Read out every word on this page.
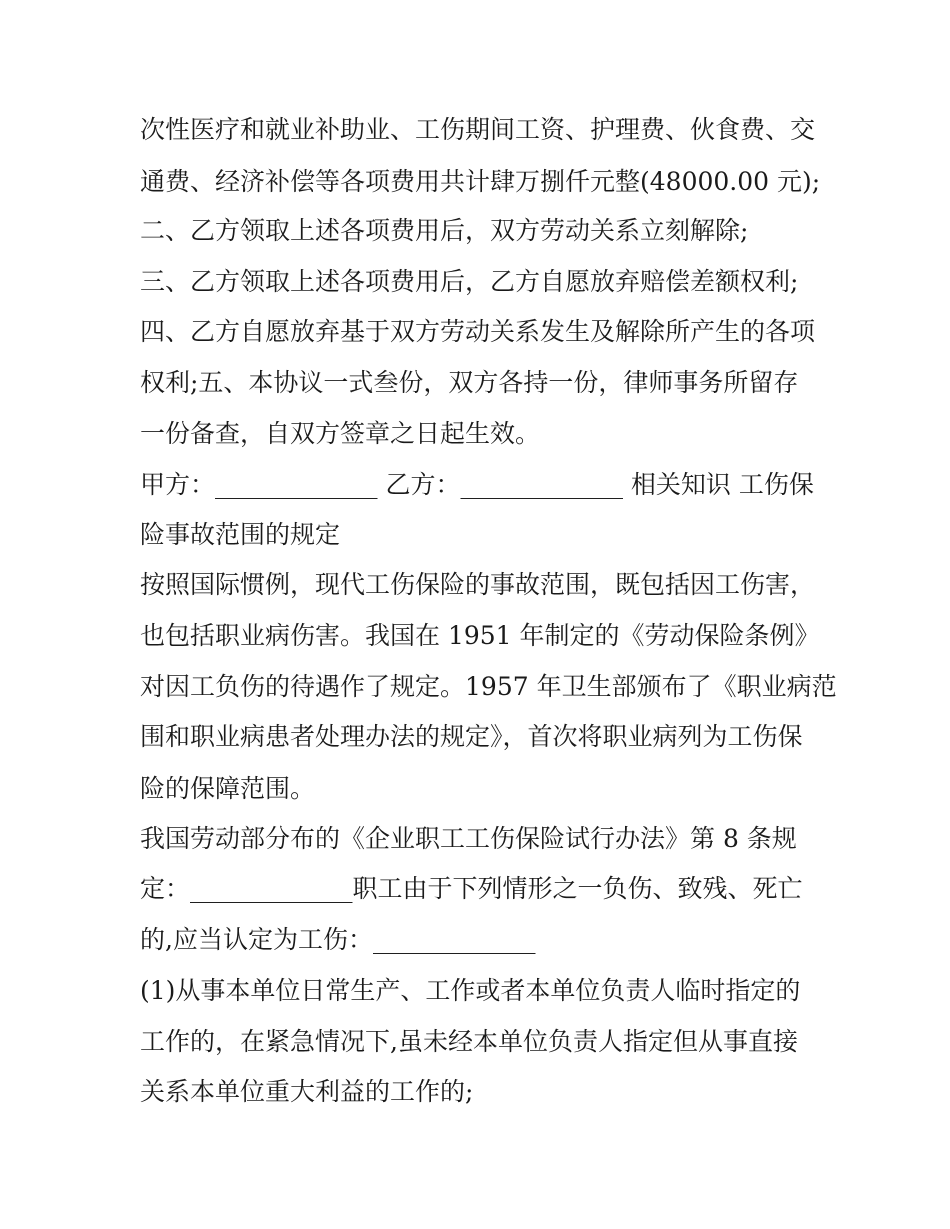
次性医疗和就业补助业、工伤期间工资、护理费、伙食费、交
通费、经济补偿等各项费用共计肆万捌仟元整(48000.00 元);
二、乙方领取上述各项费用后，双方劳动关系立刻解除;
三、乙方领取上述各项费用后，乙方自愿放弃赔偿差额权利;
四、乙方自愿放弃基于双方劳动关系发生及解除所产生的各项
权利;五、本协议一式叁份，双方各持一份，律师事务所留存
一份备查，自双方签章之日起生效。
甲方：_____________ 乙方：_____________ 相关知识 工伤保
险事故范围的规定
按照国际惯例，现代工伤保险的事故范围，既包括因工伤害，
也包括职业病伤害。我国在 1951 年制定的《劳动保险条例》
对因工负伤的待遇作了规定。1957 年卫生部颁布了《职业病范
围和职业病患者处理办法的规定》，首次将职业病列为工伤保
险的保障范围。
我国劳动部分布的《企业职工工伤保险试行办法》第 8 条规
定：_____________职工由于下列情形之一负伤、致残、死亡
的,应当认定为工伤：_____________
(1)从事本单位日常生产、工作或者本单位负责人临时指定的
工作的，在紧急情况下,虽未经本单位负责人指定但从事直接
关系本单位重大利益的工作的;
